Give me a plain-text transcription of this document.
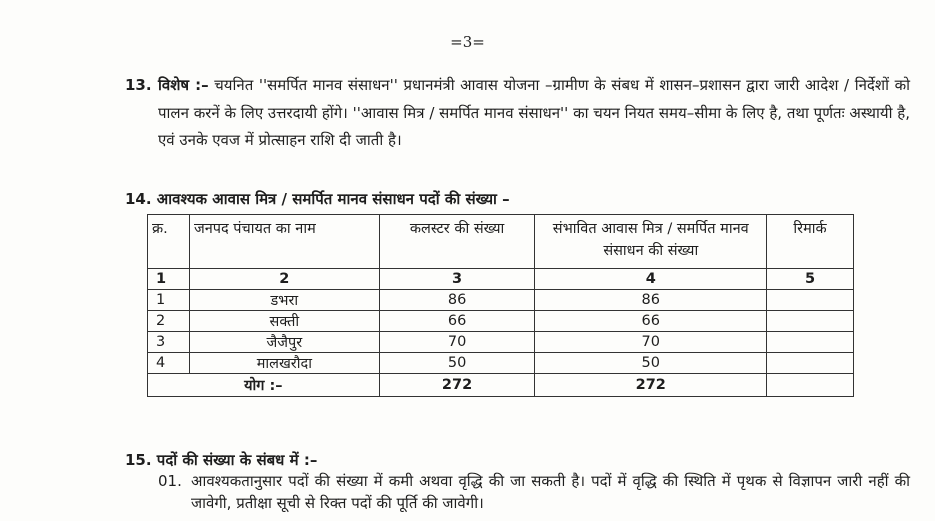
=3=
13. विशेष :– चयनित ''समर्पित मानव संसाधन'' प्रधानमंत्री आवास योजना –ग्रामीण के संबध में शासन–प्रशासन द्वारा जारी आदेश / निर्देशों को पालन करनें के लिए उत्तरदायी होंगे। ''आवास मित्र / समर्पित मानव संसाधन'' का चयन नियत समय–सीमा के लिए है, तथा पूर्णतः अस्थायी है, एवं उनके एवज में प्रोत्साहन राशि दी जाती है।
14. आवश्यक आवास मित्र / समर्पित मानव संसाधन पदों की संख्या –
क्र.	जनपद पंचायत का नाम	कलस्टर की संख्या	संभावित आवास मित्र / समर्पित मानव संसाधन की संख्या	रिमार्क
1	2	3	4	5
1	डभरा	86	86	
2	सक्ती	66	66	
3	जैजैपुर	70	70	
4	मालखरौदा	50	50	
योग :–		272	272	
15. पदों की संख्या के संबध में :–
01. आवश्यकतानुसार पदों की संख्या में कमी अथवा वृद्धि की जा सकती है। पदों में वृद्धि की स्थिति में पृथक से विज्ञापन जारी नहीं की जावेगी, प्रतीक्षा सूची से रिक्त पदों की पूर्ति की जावेगी।
